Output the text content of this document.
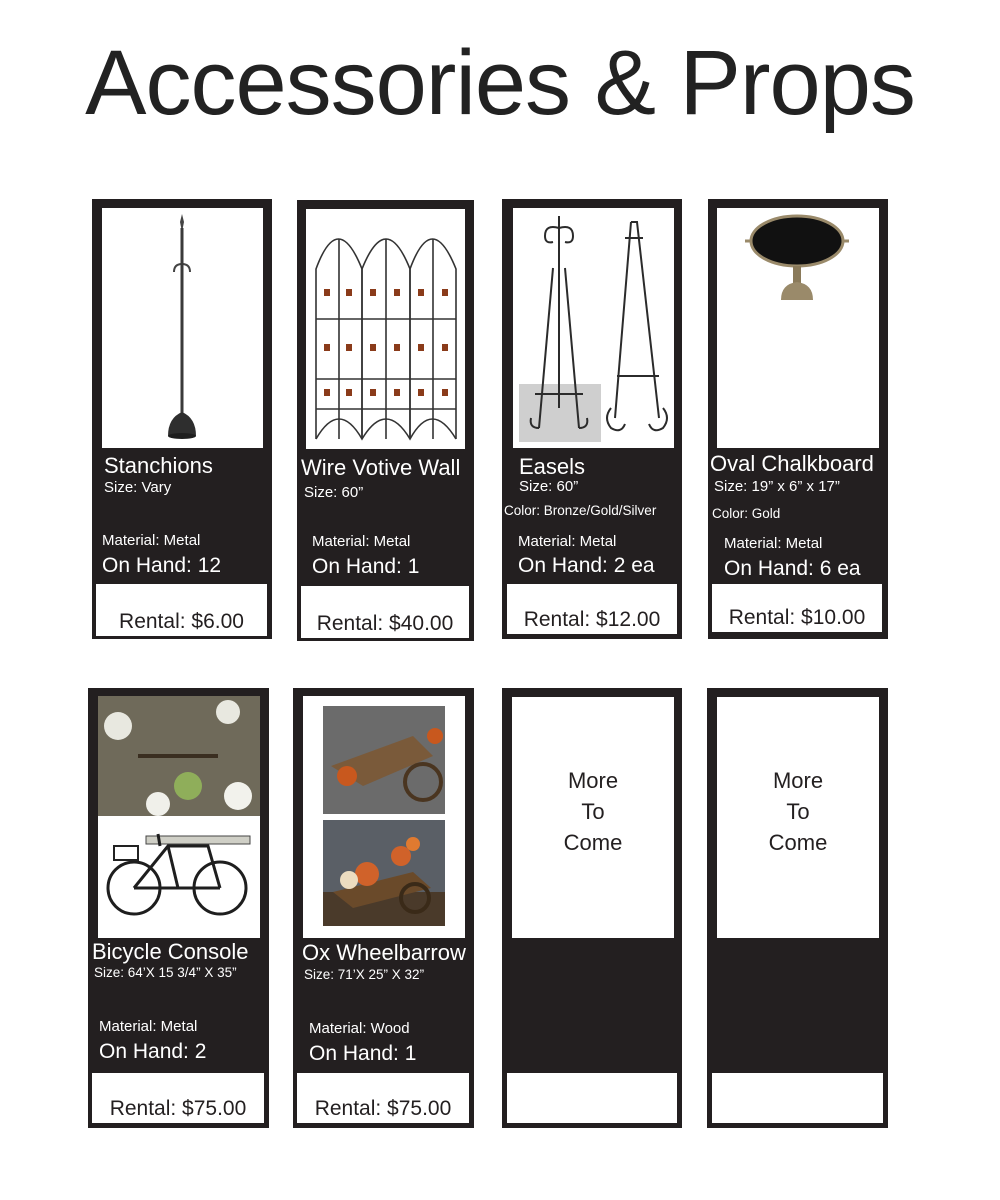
Accessories & Props
Stanchions
Size: Vary
Material: Metal
On Hand: 12
Rental: $6.00
Wire Votive Wall
Size: 60”
Material: Metal
On Hand: 1
Rental: $40.00
Easels
Size: 60”
Color: Bronze/Gold/Silver
Material: Metal
On Hand: 2 ea
Rental: $12.00
Oval Chalkboard
Size: 19” x 6” x 17”
Color: Gold
Material: Metal
On Hand: 6 ea
Rental: $10.00
Bicycle Console
Size: 64’X 15 3/4” X 35”
Material: Metal
On Hand: 2
Rental: $75.00
Ox Wheelbarrow
Size: 71’X 25” X 32”
Material: Wood
On Hand: 1
Rental: $75.00
More
To
Come
More
To
Come
